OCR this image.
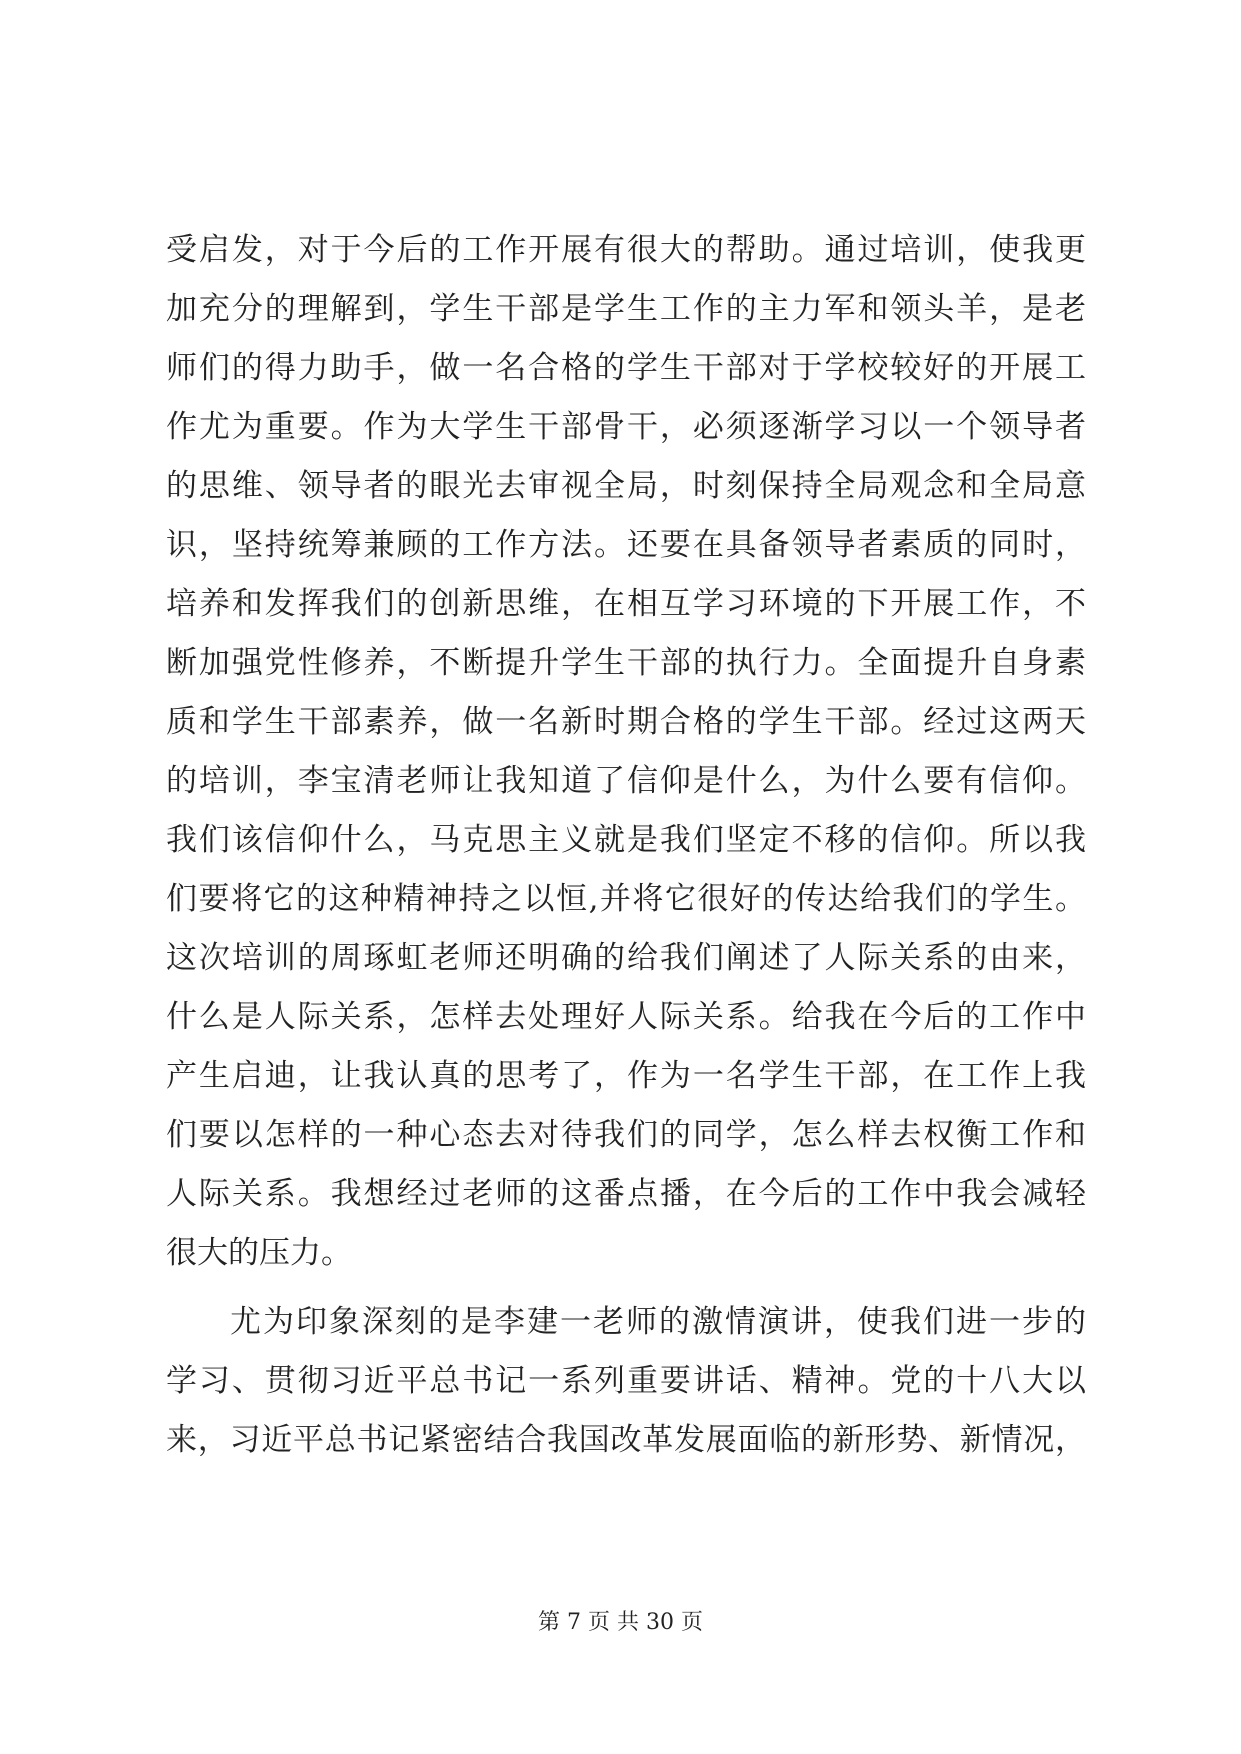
受启发，对于今后的工作开展有很大的帮助。通过培训，使我更
加充分的理解到，学生干部是学生工作的主力军和领头羊，是老
师们的得力助手，做一名合格的学生干部对于学校较好的开展工
作尤为重要。作为大学生干部骨干，必须逐渐学习以一个领导者
的思维、领导者的眼光去审视全局，时刻保持全局观念和全局意
识，坚持统筹兼顾的工作方法。还要在具备领导者素质的同时，
培养和发挥我们的创新思维，在相互学习环境的下开展工作，不
断加强党性修养，不断提升学生干部的执行力。全面提升自身素
质和学生干部素养，做一名新时期合格的学生干部。经过这两天
的培训，李宝清老师让我知道了信仰是什么，为什么要有信仰。
我们该信仰什么，马克思主义就是我们坚定不移的信仰。所以我
们要将它的这种精神持之以恒,并将它很好的传达给我们的学生。
这次培训的周琢虹老师还明确的给我们阐述了人际关系的由来，
什么是人际关系，怎样去处理好人际关系。给我在今后的工作中
产生启迪，让我认真的思考了，作为一名学生干部，在工作上我
们要以怎样的一种心态去对待我们的同学，怎么样去权衡工作和
人际关系。我想经过老师的这番点播，在今后的工作中我会减轻
很大的压力。
尤为印象深刻的是李建一老师的激情演讲，使我们进一步的
学习、贯彻习近平总书记一系列重要讲话、精神。党的十八大以
来，习近平总书记紧密结合我国改革发展面临的新形势、新情况，
第 7 页 共 30 页
